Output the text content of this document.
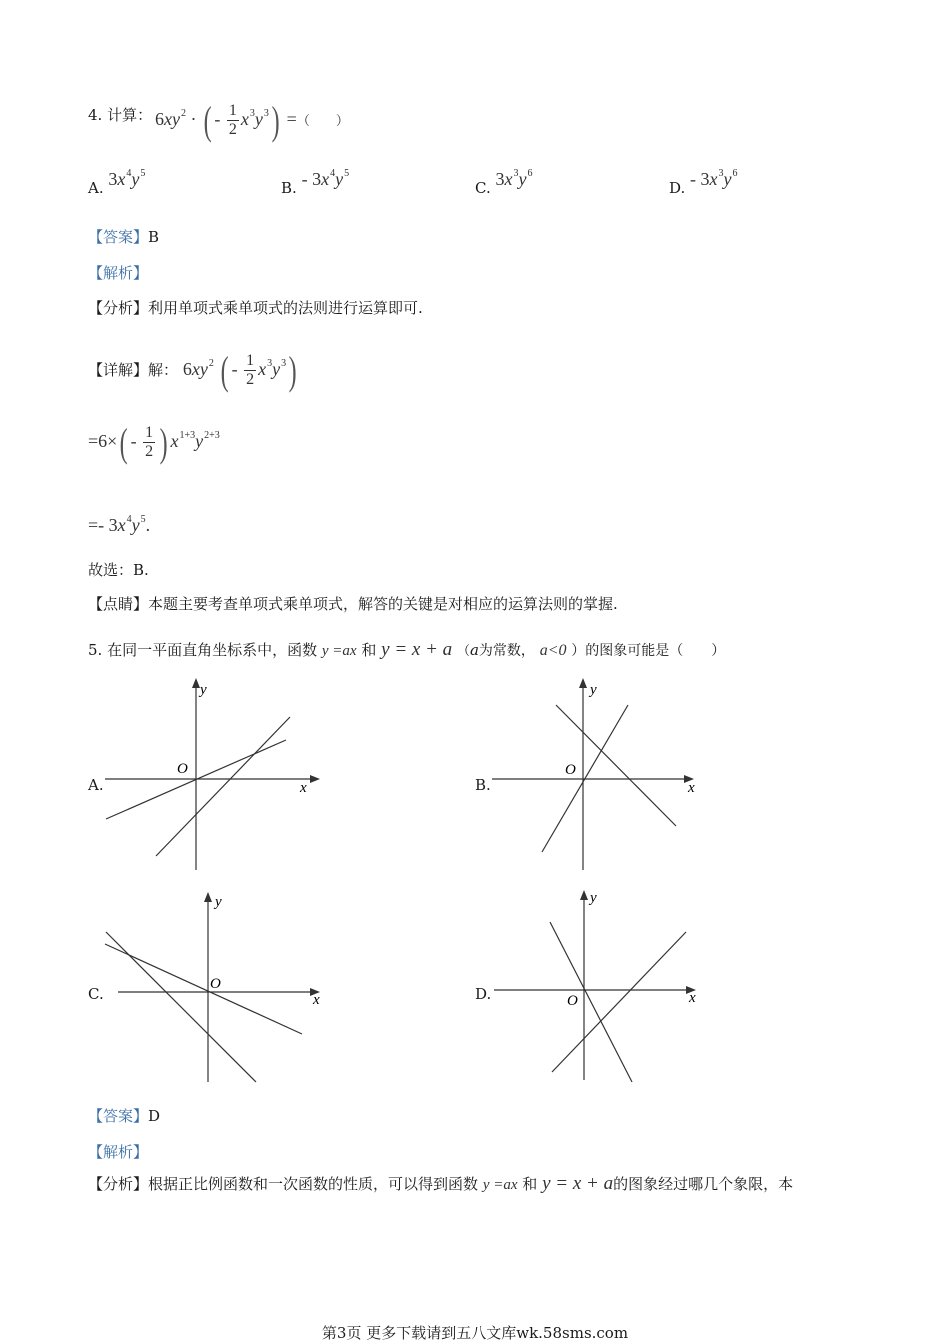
4. 计算： $6xy^2$ · ( - $\frac{1}{2} x^3y^3$) =（　　）
A. $3x^4y^5$
B. - $3x^4y^5$
C. $3x^3y^6$
D. - $3x^3y^6$
【答案】B
【解析】
【分析】利用单项式乘单项式的法则进行运算即可.
【详解】解： $6xy^2$ ( - $\frac{1}{2} x^3y^3$)
$=6\times( - \frac{1}{2}$ ) $x^{1+3}y^{2+3}$
=- $3x^4y^5$.
故选：B.
【点睛】本题主要考查单项式乘单项式，解答的关键是对相应的运算法则的掌握.
5. 在同一平面直角坐标系中，函数 y =ax 和 y = x + a （a为常数， a<0 ）的图象可能是（　　）
A.
y
x
O
B.
y
x
O
C.
y
x
O
D.
y
x
O
【答案】D
【解析】
【分析】根据正比例函数和一次函数的性质，可以得到函数 y =ax 和 y = x + a的图象经过哪几个象限，本
第3页 更多下载请到五八文库wk.58sms.com
